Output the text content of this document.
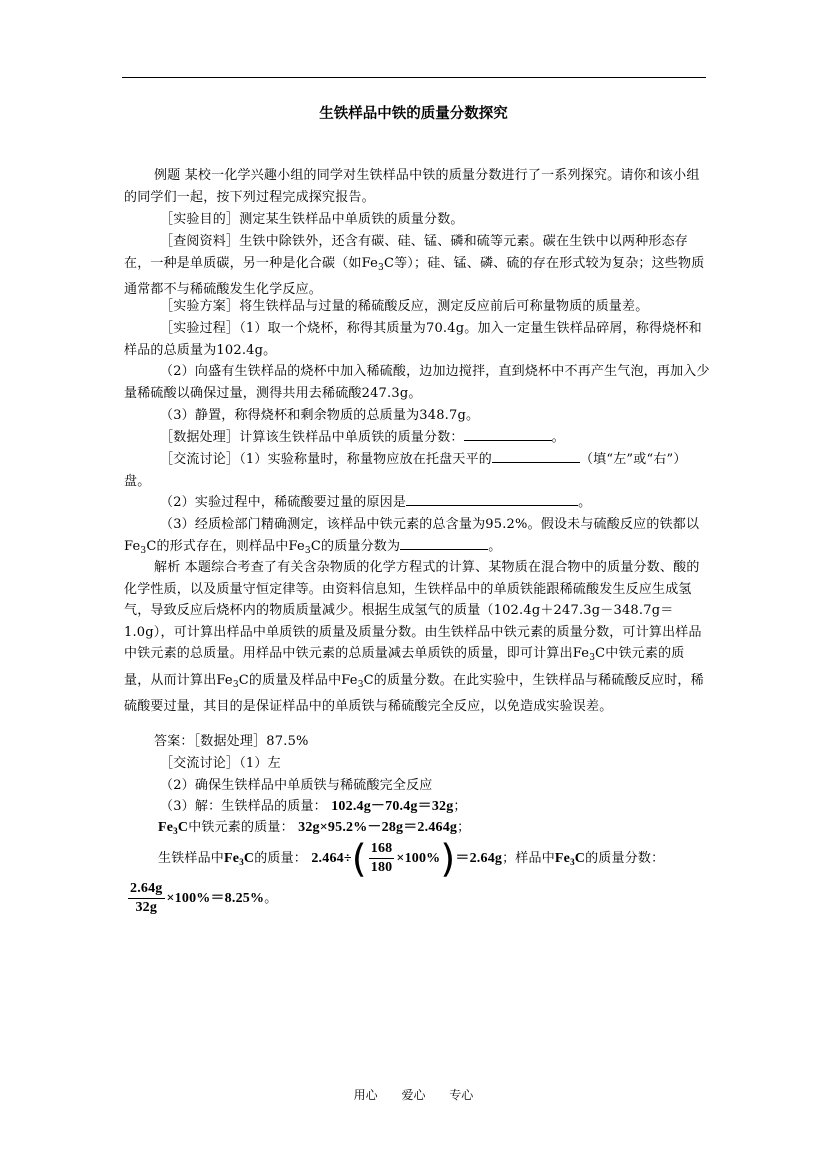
生铁样品中铁的质量分数探究
例题 某校一化学兴趣小组的同学对生铁样品中铁的质量分数进行了一系列探究。请你和该小组的同学们一起，按下列过程完成探究报告。
［实验目的］测定某生铁样品中单质铁的质量分数。
［查阅资料］生铁中除铁外，还含有碳、硅、锰、磷和硫等元素。碳在生铁中以两种形态存在，一种是单质碳，另一种是化合碳（如$Fe_3C$等）；硅、锰、磷、硫的存在形式较为复杂；这些物质通常都不与稀硫酸发生化学反应。
［实验方案］将生铁样品与过量的稀硫酸反应，测定反应前后可称量物质的质量差。
［实验过程］（1）取一个烧杯，称得其质量为70.4g。加入一定量生铁样品碎屑，称得烧杯和样品的总质量为102.4g。
（2）向盛有生铁样品的烧杯中加入稀硫酸，边加边搅拌，直到烧杯中不再产生气泡，再加入少量稀硫酸以确保过量，测得共用去稀硫酸247.3g。
（3）静置，称得烧杯和剩余物质的总质量为348.7g。
［数据处理］计算该生铁样品中单质铁的质量分数：	。
［交流讨论］（1）实验称量时，称量物应放在托盘天平的	（填“左”或“右”）盘。
（2）实验过程中，稀硫酸要过量的原因是	。
（3）经质检部门精确测定，该样品中铁元素的总含量为95.2%。假设未与硫酸反应的铁都以$Fe_3C$的形式存在，则样品中$Fe_3C$的质量分数为	。
解析 本题综合考查了有关含杂物质的化学方程式的计算、某物质在混合物中的质量分数、酸的化学性质，以及质量守恒定律等。由资料信息知，生铁样品中的单质铁能跟稀硫酸发生反应生成氢气，导致反应后烧杯内的物质质量减少。根据生成氢气的质量（102.4g＋247.3g－348.7g＝1.0g），可计算出样品中单质铁的质量及质量分数。由生铁样品中铁元素的质量分数，可计算出样品中铁元素的总质量。用样品中铁元素的总质量减去单质铁的质量，即可计算出$Fe_3C$中铁元素的质量，从而计算出$Fe_3C$的质量及样品中$Fe_3C$的质量分数。在此实验中，生铁样品与稀硫酸反应时，稀硫酸要过量，其目的是保证样品中的单质铁与稀硫酸完全反应，以免造成实验误差。
答案：［数据处理］87.5%
［交流讨论］（1）左
（2）确保生铁样品中单质铁与稀硫酸完全反应
（3）解：生铁样品的质量： 102.4g－70.4g＝32g；
$Fe_3C$中铁元素的质量： 32g×95.2%－28g＝2.464g；
生铁样品中$Fe_3C$的质量： $2.464\div( \frac{168}{180} \times 100\%)=2.64g$；样品中$Fe_3C$的质量分数：
$\frac{2.64g}{32g} \times 100\%=8.25\%$。
用心 爱心 专心
